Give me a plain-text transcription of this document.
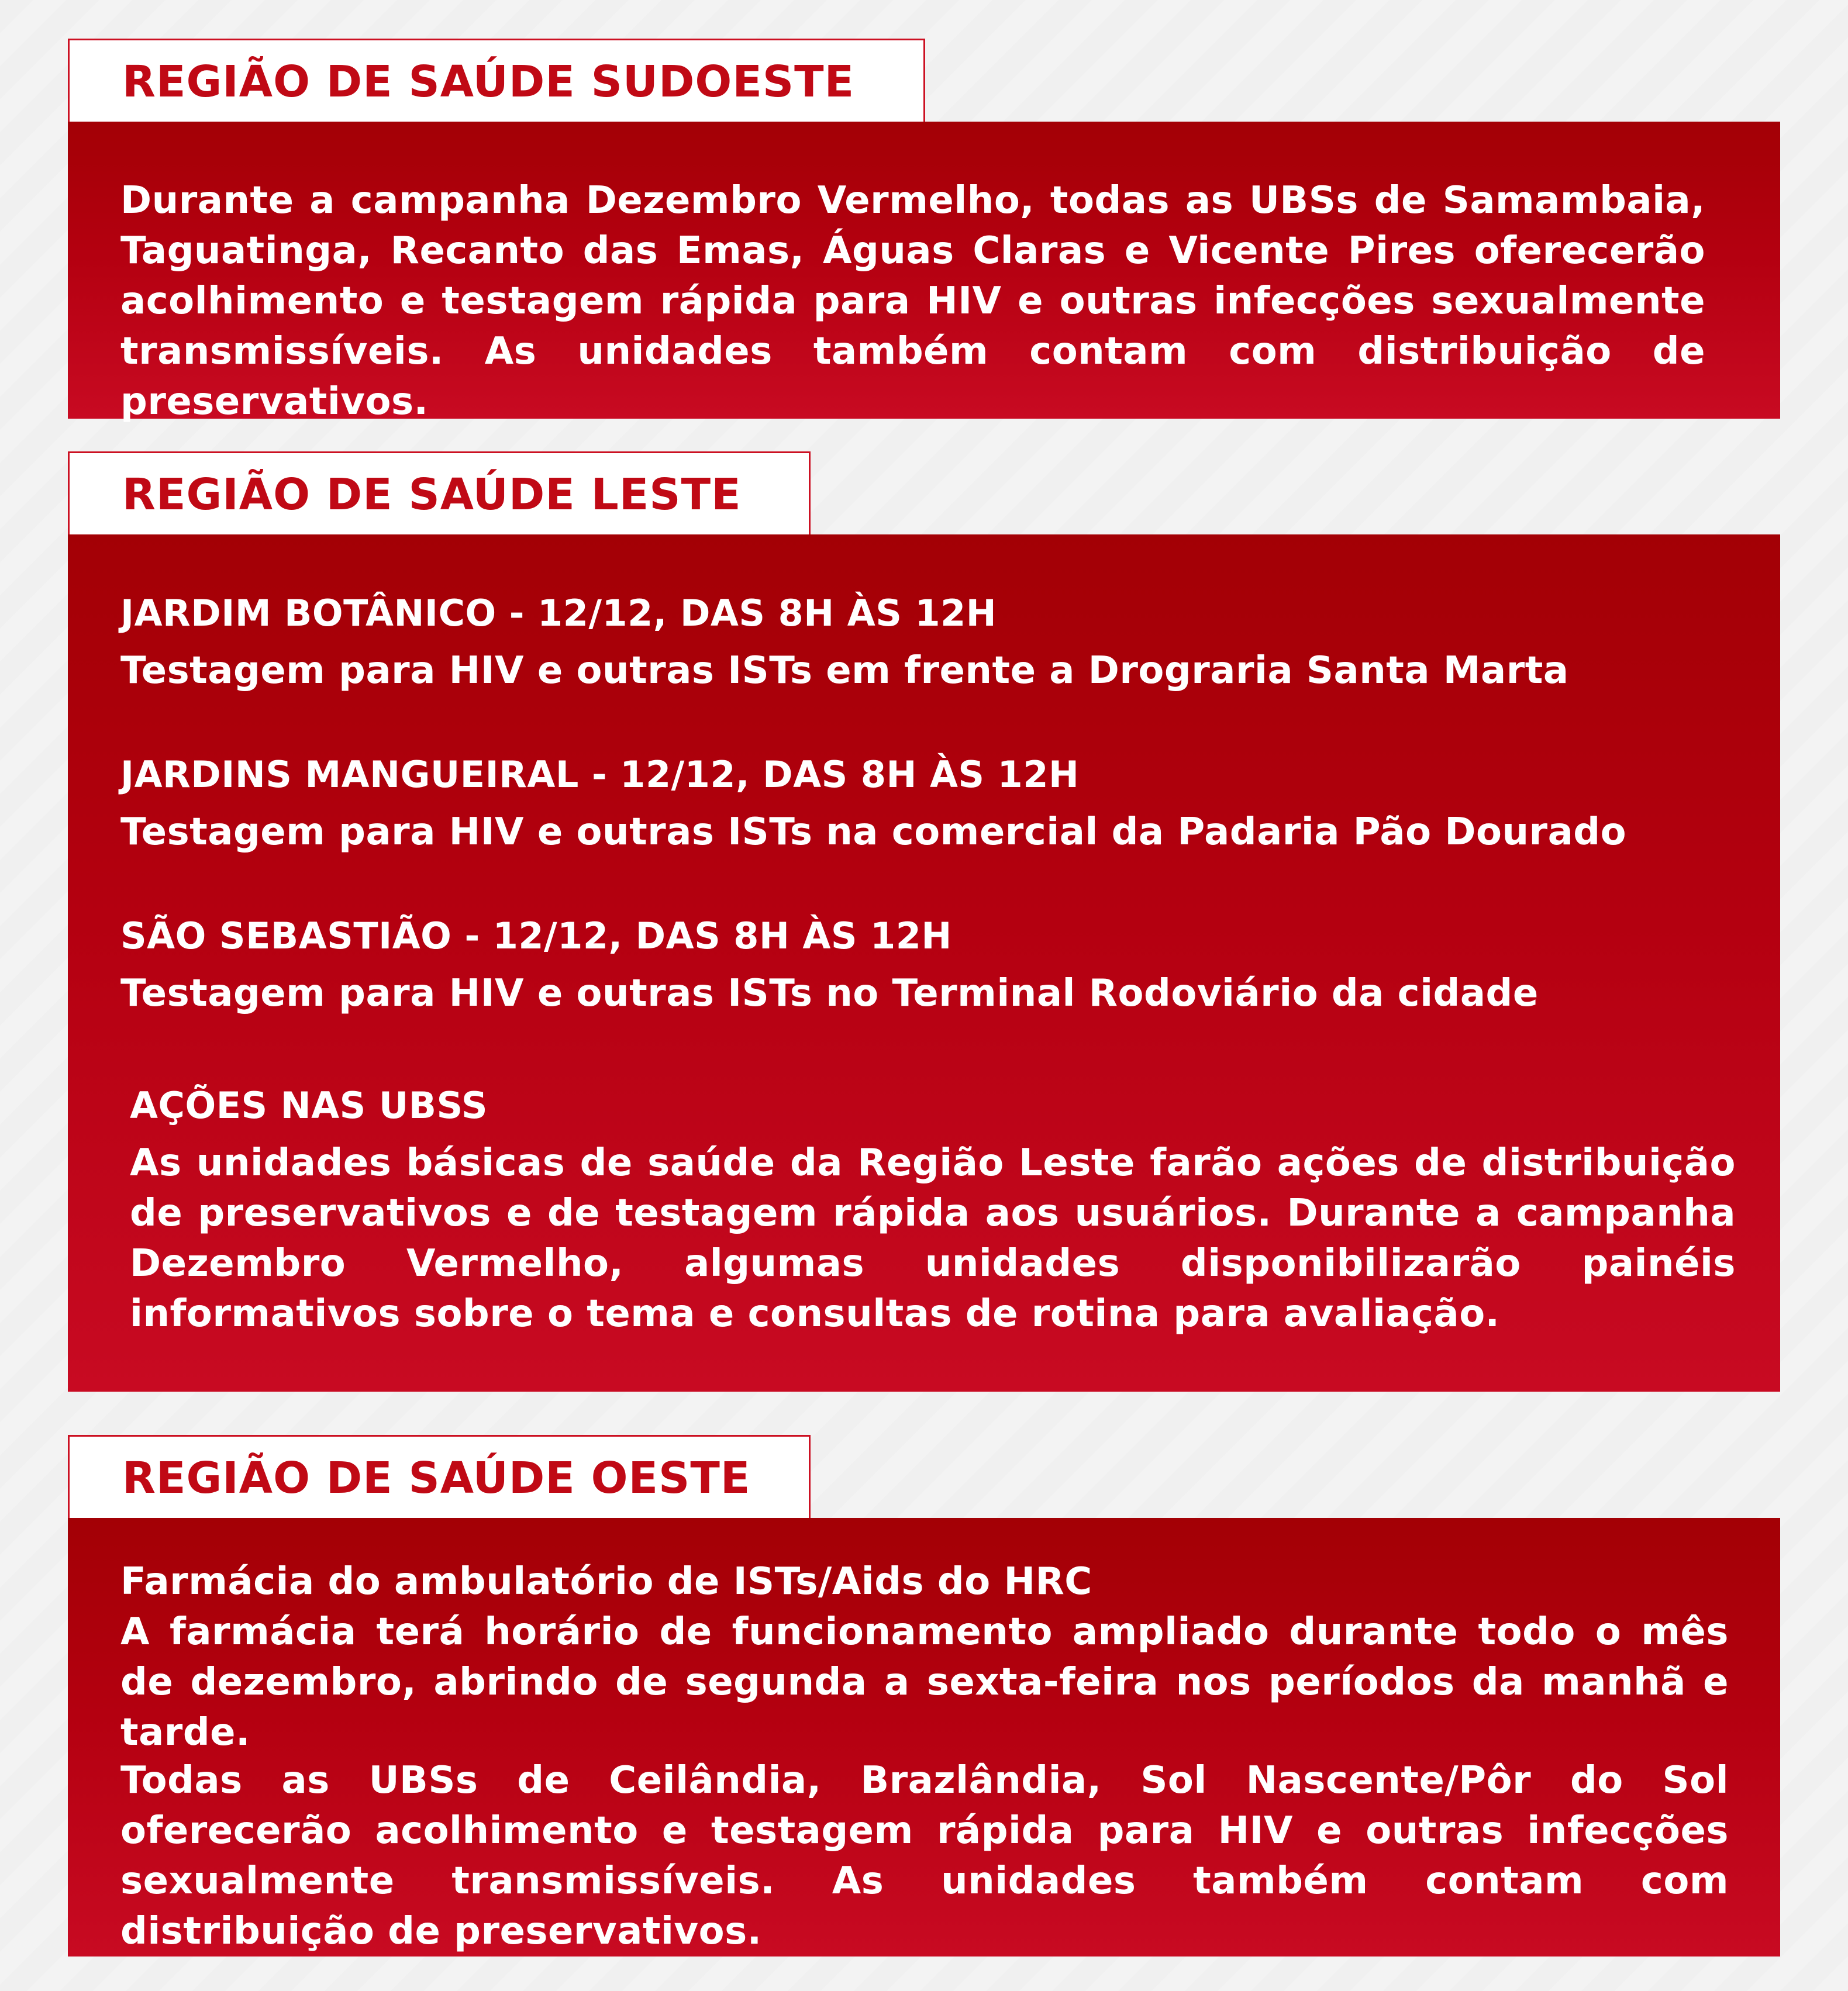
REGIÃO DE SAÚDE SUDOESTE

Durante a campanha Dezembro Vermelho, todas as UBSs de Samambaia, Taguatinga, Recanto das Emas, Águas Claras e Vicente Pires oferecerão acolhimento e testagem rápida para HIV e outras infecções sexualmente transmissíveis. As unidades também contam com distribuição de preservativos.

REGIÃO DE SAÚDE LESTE

JARDIM BOTÂNICO - 12/12, DAS 8H ÀS 12H

Testagem para HIV e outras ISTs em frente a Drograria Santa Marta

JARDINS MANGUEIRAL - 12/12, DAS 8H ÀS 12H

Testagem para HIV e outras ISTs na comercial da Padaria Pão Dourado

SÃO SEBASTIÃO - 12/12, DAS 8H ÀS 12H

Testagem para HIV e outras ISTs no Terminal Rodoviário da cidade

AÇÕES NAS UBSS

As unidades básicas de saúde da Região Leste farão ações de distribuição de preservativos e de testagem rápida aos usuários. Durante a campanha Dezembro Vermelho, algumas unidades disponibilizarão painéis informativos sobre o tema e consultas de rotina para avaliação.

REGIÃO DE SAÚDE OESTE

Farmácia do ambulatório de ISTs/Aids do HRC

A farmácia terá horário de funcionamento ampliado durante todo o mês de dezembro, abrindo de segunda a sexta-feira nos períodos da manhã e tarde.

Todas as UBSs de Ceilândia, Brazlândia, Sol Nascente/Pôr do Sol oferecerão acolhimento e testagem rápida para HIV e outras infecções sexualmente transmissíveis. As unidades também contam com distribuição de preservativos.
